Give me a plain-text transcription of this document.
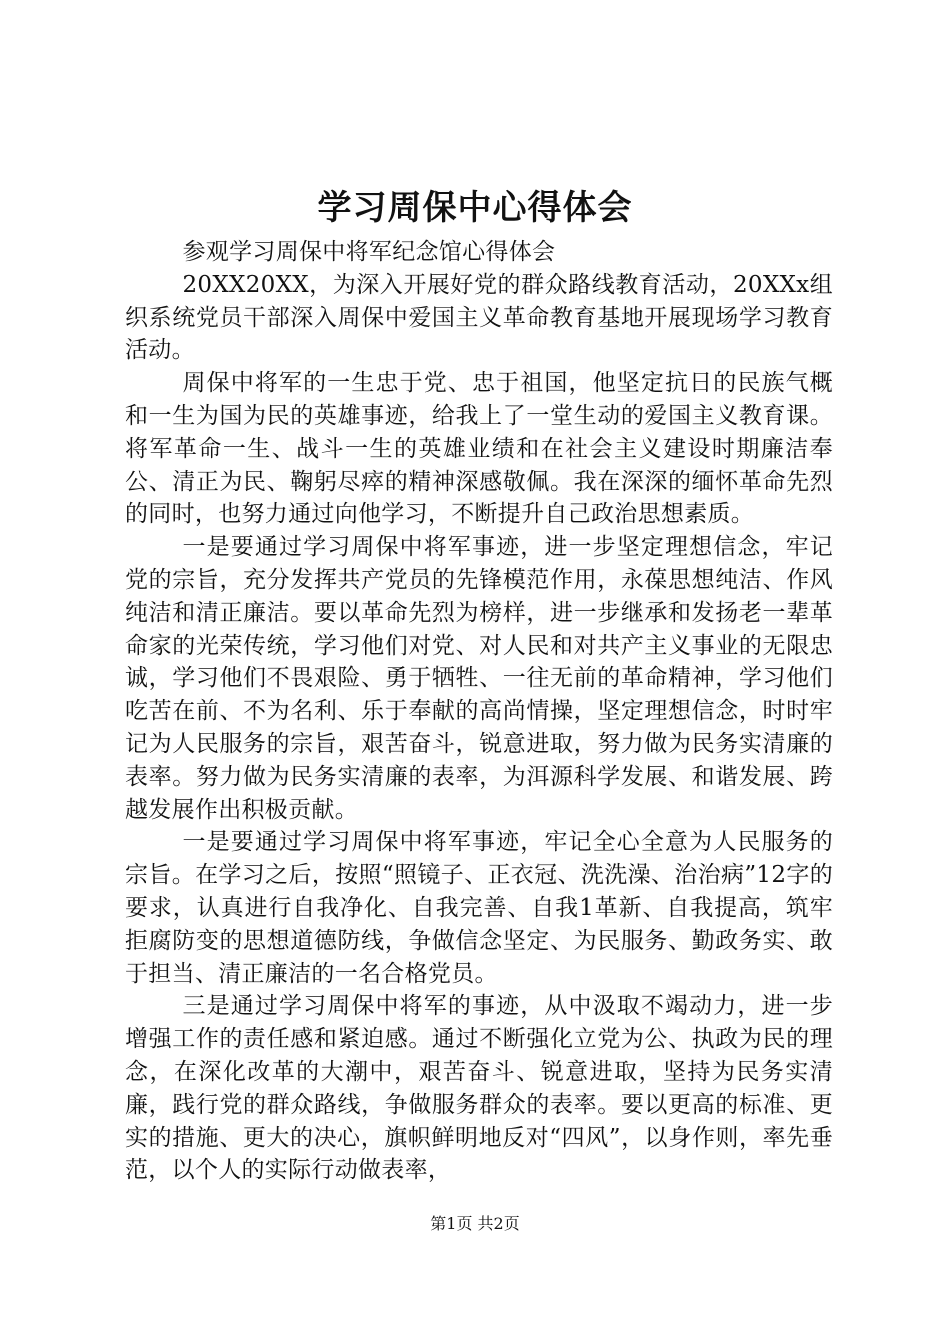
学习周保中心得体会

参观学习周保中将军纪念馆心得体会

20XX20XX，为深入开展好党的群众路线教育活动，20XXx组织系统党员干部深入周保中爱国主义革命教育基地开展现场学习教育活动。

周保中将军的一生忠于党、忠于祖国，他坚定抗日的民族气概和一生为国为民的英雄事迹，给我上了一堂生动的爱国主义教育课。将军革命一生、战斗一生的英雄业绩和在社会主义建设时期廉洁奉公、清正为民、鞠躬尽瘁的精神深感敬佩。我在深深的缅怀革命先烈的同时，也努力通过向他学习，不断提升自己政治思想素质。

一是要通过学习周保中将军事迹，进一步坚定理想信念，牢记党的宗旨，充分发挥共产党员的先锋模范作用，永葆思想纯洁、作风纯洁和清正廉洁。要以革命先烈为榜样，进一步继承和发扬老一辈革命家的光荣传统，学习他们对党、对人民和对共产主义事业的无限忠诚，学习他们不畏艰险、勇于牺牲、一往无前的革命精神，学习他们吃苦在前、不为名利、乐于奉献的高尚情操，坚定理想信念，时时牢记为人民服务的宗旨，艰苦奋斗，锐意进取，努力做为民务实清廉的表率。努力做为民务实清廉的表率，为洱源科学发展、和谐发展、跨越发展作出积极贡献。

一是要通过学习周保中将军事迹，牢记全心全意为人民服务的宗旨。在学习之后，按照“照镜子、正衣冠、洗洗澡、治治病”12字的要求，认真进行自我净化、自我完善、自我1革新、自我提高，筑牢拒腐防变的思想道德防线，争做信念坚定、为民服务、勤政务实、敢于担当、清正廉洁的一名合格党员。

三是通过学习周保中将军的事迹，从中汲取不竭动力，进一步增强工作的责任感和紧迫感。通过不断强化立党为公、执政为民的理念，在深化改革的大潮中，艰苦奋斗、锐意进取，坚持为民务实清廉，践行党的群众路线，争做服务群众的表率。要以更高的标准、更实的措施、更大的决心，旗帜鲜明地反对“四风”，以身作则，率先垂范，以个人的实际行动做表率，

第1页 共2页
